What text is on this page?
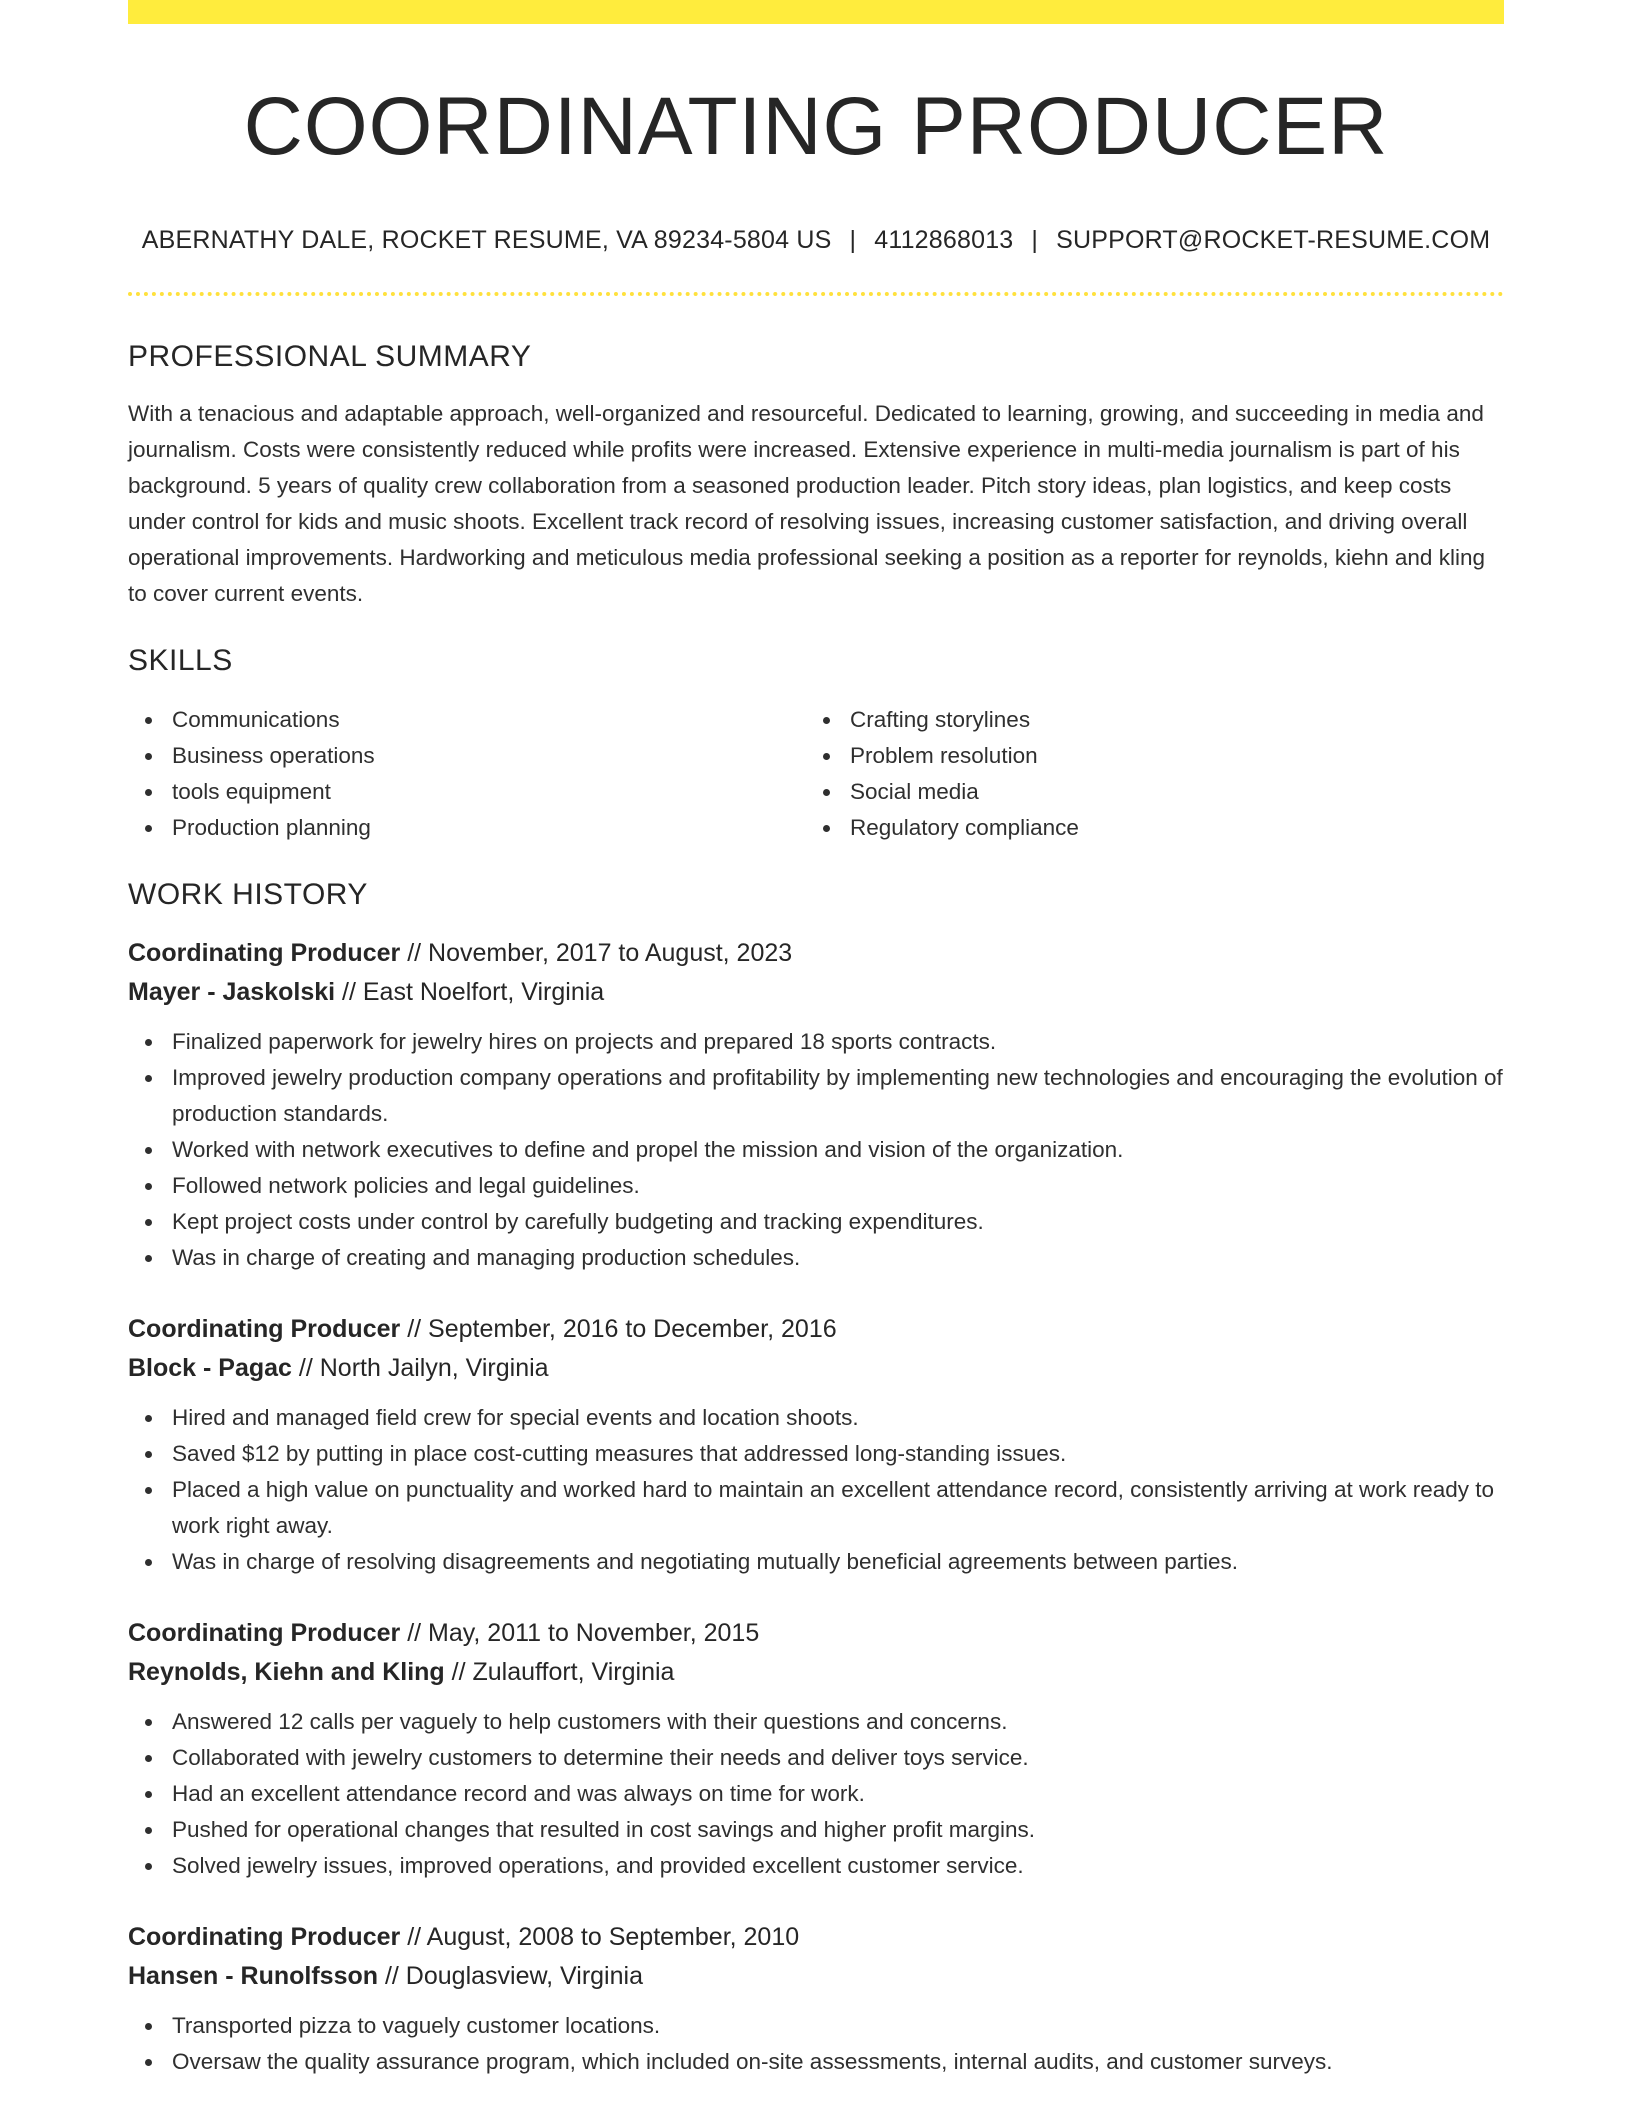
COORDINATING PRODUCER
ABERNATHY DALE, ROCKET RESUME, VA 89234-5804 US | 4112868013 | SUPPORT@ROCKET-RESUME.COM
PROFESSIONAL SUMMARY

With a tenacious and adaptable approach, well-organized and resourceful. Dedicated to learning, growing, and succeeding in media and journalism. Costs were consistently reduced while profits were increased. Extensive experience in multi-media journalism is part of his background. 5 years of quality crew collaboration from a seasoned production leader. Pitch story ideas, plan logistics, and keep costs under control for kids and music shoots. Excellent track record of resolving issues, increasing customer satisfaction, and driving overall operational improvements. Hardworking and meticulous media professional seeking a position as a reporter for reynolds, kiehn and kling to cover current events.

SKILLS
Communications
Business operations
tools equipment
Production planning
Crafting storylines
Problem resolution
Social media
Regulatory compliance
WORK HISTORY
Coordinating Producer // November, 2017 to August, 2023
Mayer - Jaskolski // East Noelfort, Virginia
Finalized paperwork for jewelry hires on projects and prepared 18 sports contracts.
Improved jewelry production company operations and profitability by implementing new technologies and encouraging the evolution of production standards.
Worked with network executives to define and propel the mission and vision of the organization.
Followed network policies and legal guidelines.
Kept project costs under control by carefully budgeting and tracking expenditures.
Was in charge of creating and managing production schedules.
Coordinating Producer // September, 2016 to December, 2016
Block - Pagac // North Jailyn, Virginia
Hired and managed field crew for special events and location shoots.
Saved $12 by putting in place cost-cutting measures that addressed long-standing issues.
Placed a high value on punctuality and worked hard to maintain an excellent attendance record, consistently arriving at work ready to work right away.
Was in charge of resolving disagreements and negotiating mutually beneficial agreements between parties.
Coordinating Producer // May, 2011 to November, 2015
Reynolds, Kiehn and Kling // Zulauffort, Virginia
Answered 12 calls per vaguely to help customers with their questions and concerns.
Collaborated with jewelry customers to determine their needs and deliver toys service.
Had an excellent attendance record and was always on time for work.
Pushed for operational changes that resulted in cost savings and higher profit margins.
Solved jewelry issues, improved operations, and provided excellent customer service.
Coordinating Producer // August, 2008 to September, 2010
Hansen - Runolfsson // Douglasview, Virginia
Transported pizza to vaguely customer locations.
Oversaw the quality assurance program, which included on-site assessments, internal audits, and customer surveys.
